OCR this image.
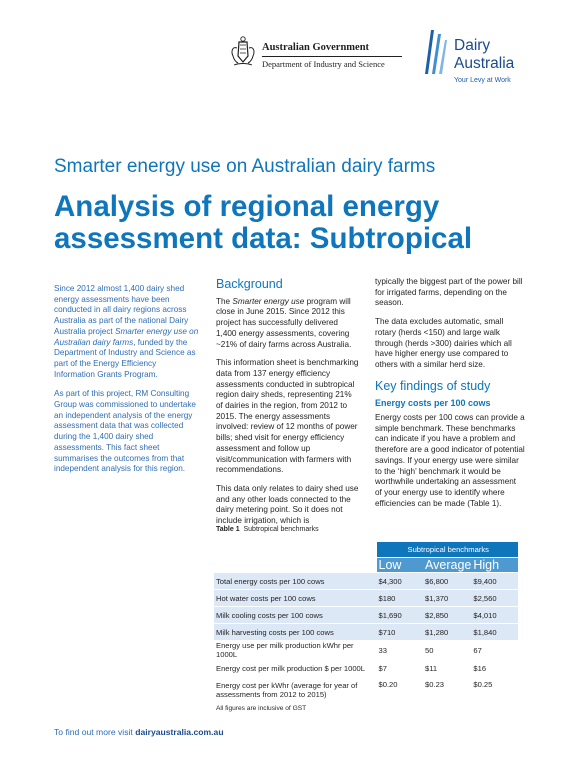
Australian Government
Department of Industry and Science
Dairy
Australia
Your Levy at Work
Smarter energy use on Australian dairy farms
Analysis of regional energy assessment data: Subtropical

Since 2012 almost 1,400 dairy shed energy assessments have been conducted in all dairy regions across Australia as part of the national Dairy Australia project Smarter energy use on Australian dairy farms, funded by the Department of Industry and Science as part of the Energy Efficiency Information Grants Program.

As part of this project, RM Consulting Group was commissioned to undertake an independent analysis of the energy assessment data that was collected during the 1,400 dairy shed assessments. This fact sheet summarises the outcomes from that independent analysis for this region.

Background

The Smarter energy use program will close in June 2015. Since 2012 this project has successfully delivered 1,400 energy assessments, covering ~21% of dairy farms across Australia.

This information sheet is benchmarking data from 137 energy efficiency assessments conducted in subtropical region dairy sheds, representing 21% of dairies in the region, from 2012 to 2015. The energy assessments involved: review of 12 months of power bills; shed visit for energy efficiency assessment and follow up visit/communication with farmers with recommendations.

This data only relates to dairy shed use and any other loads connected to the dairy metering point. So it does not include irrigation, which is

typically the biggest part of the power bill for irrigated farms, depending on the season.

The data excludes automatic, small rotary (herds <150) and large walk through (herds >300) dairies which all have higher energy use compared to others with a similar herd size.

Key findings of study
Energy costs per 100 cows

Energy costs per 100 cows can provide a simple benchmark. These benchmarks can indicate if you have a problem and therefore are a good indicator of potential savings. If your energy use were similar to the ‘high’ benchmark it would be worthwhile undertaking an assessment of your energy use to identify where efficiencies can be made (Table 1).

Table 1 Subtropical benchmarks
	Subtropical benchmarks		
	Low	Average	High
Total energy costs per 100 cows	$4,300	$6,800	$9,400
Hot water costs per 100 cows	$180	$1,370	$2,560
Milk cooling costs per 100 cows	$1,690	$2,850	$4,010
Milk harvesting costs per 100 cows	$710	$1,280	$1,840
Energy use per milk production kWhr per 1000L	33	50	67
Energy cost per milk production $ per 1000L	$7	$11	$16
Energy cost per kWhr (average for year of assessments from 2012 to 2015)	$0.20	$0.23	$0.25
All figures are inclusive of GST
To find out more visit dairyaustralia.com.au
